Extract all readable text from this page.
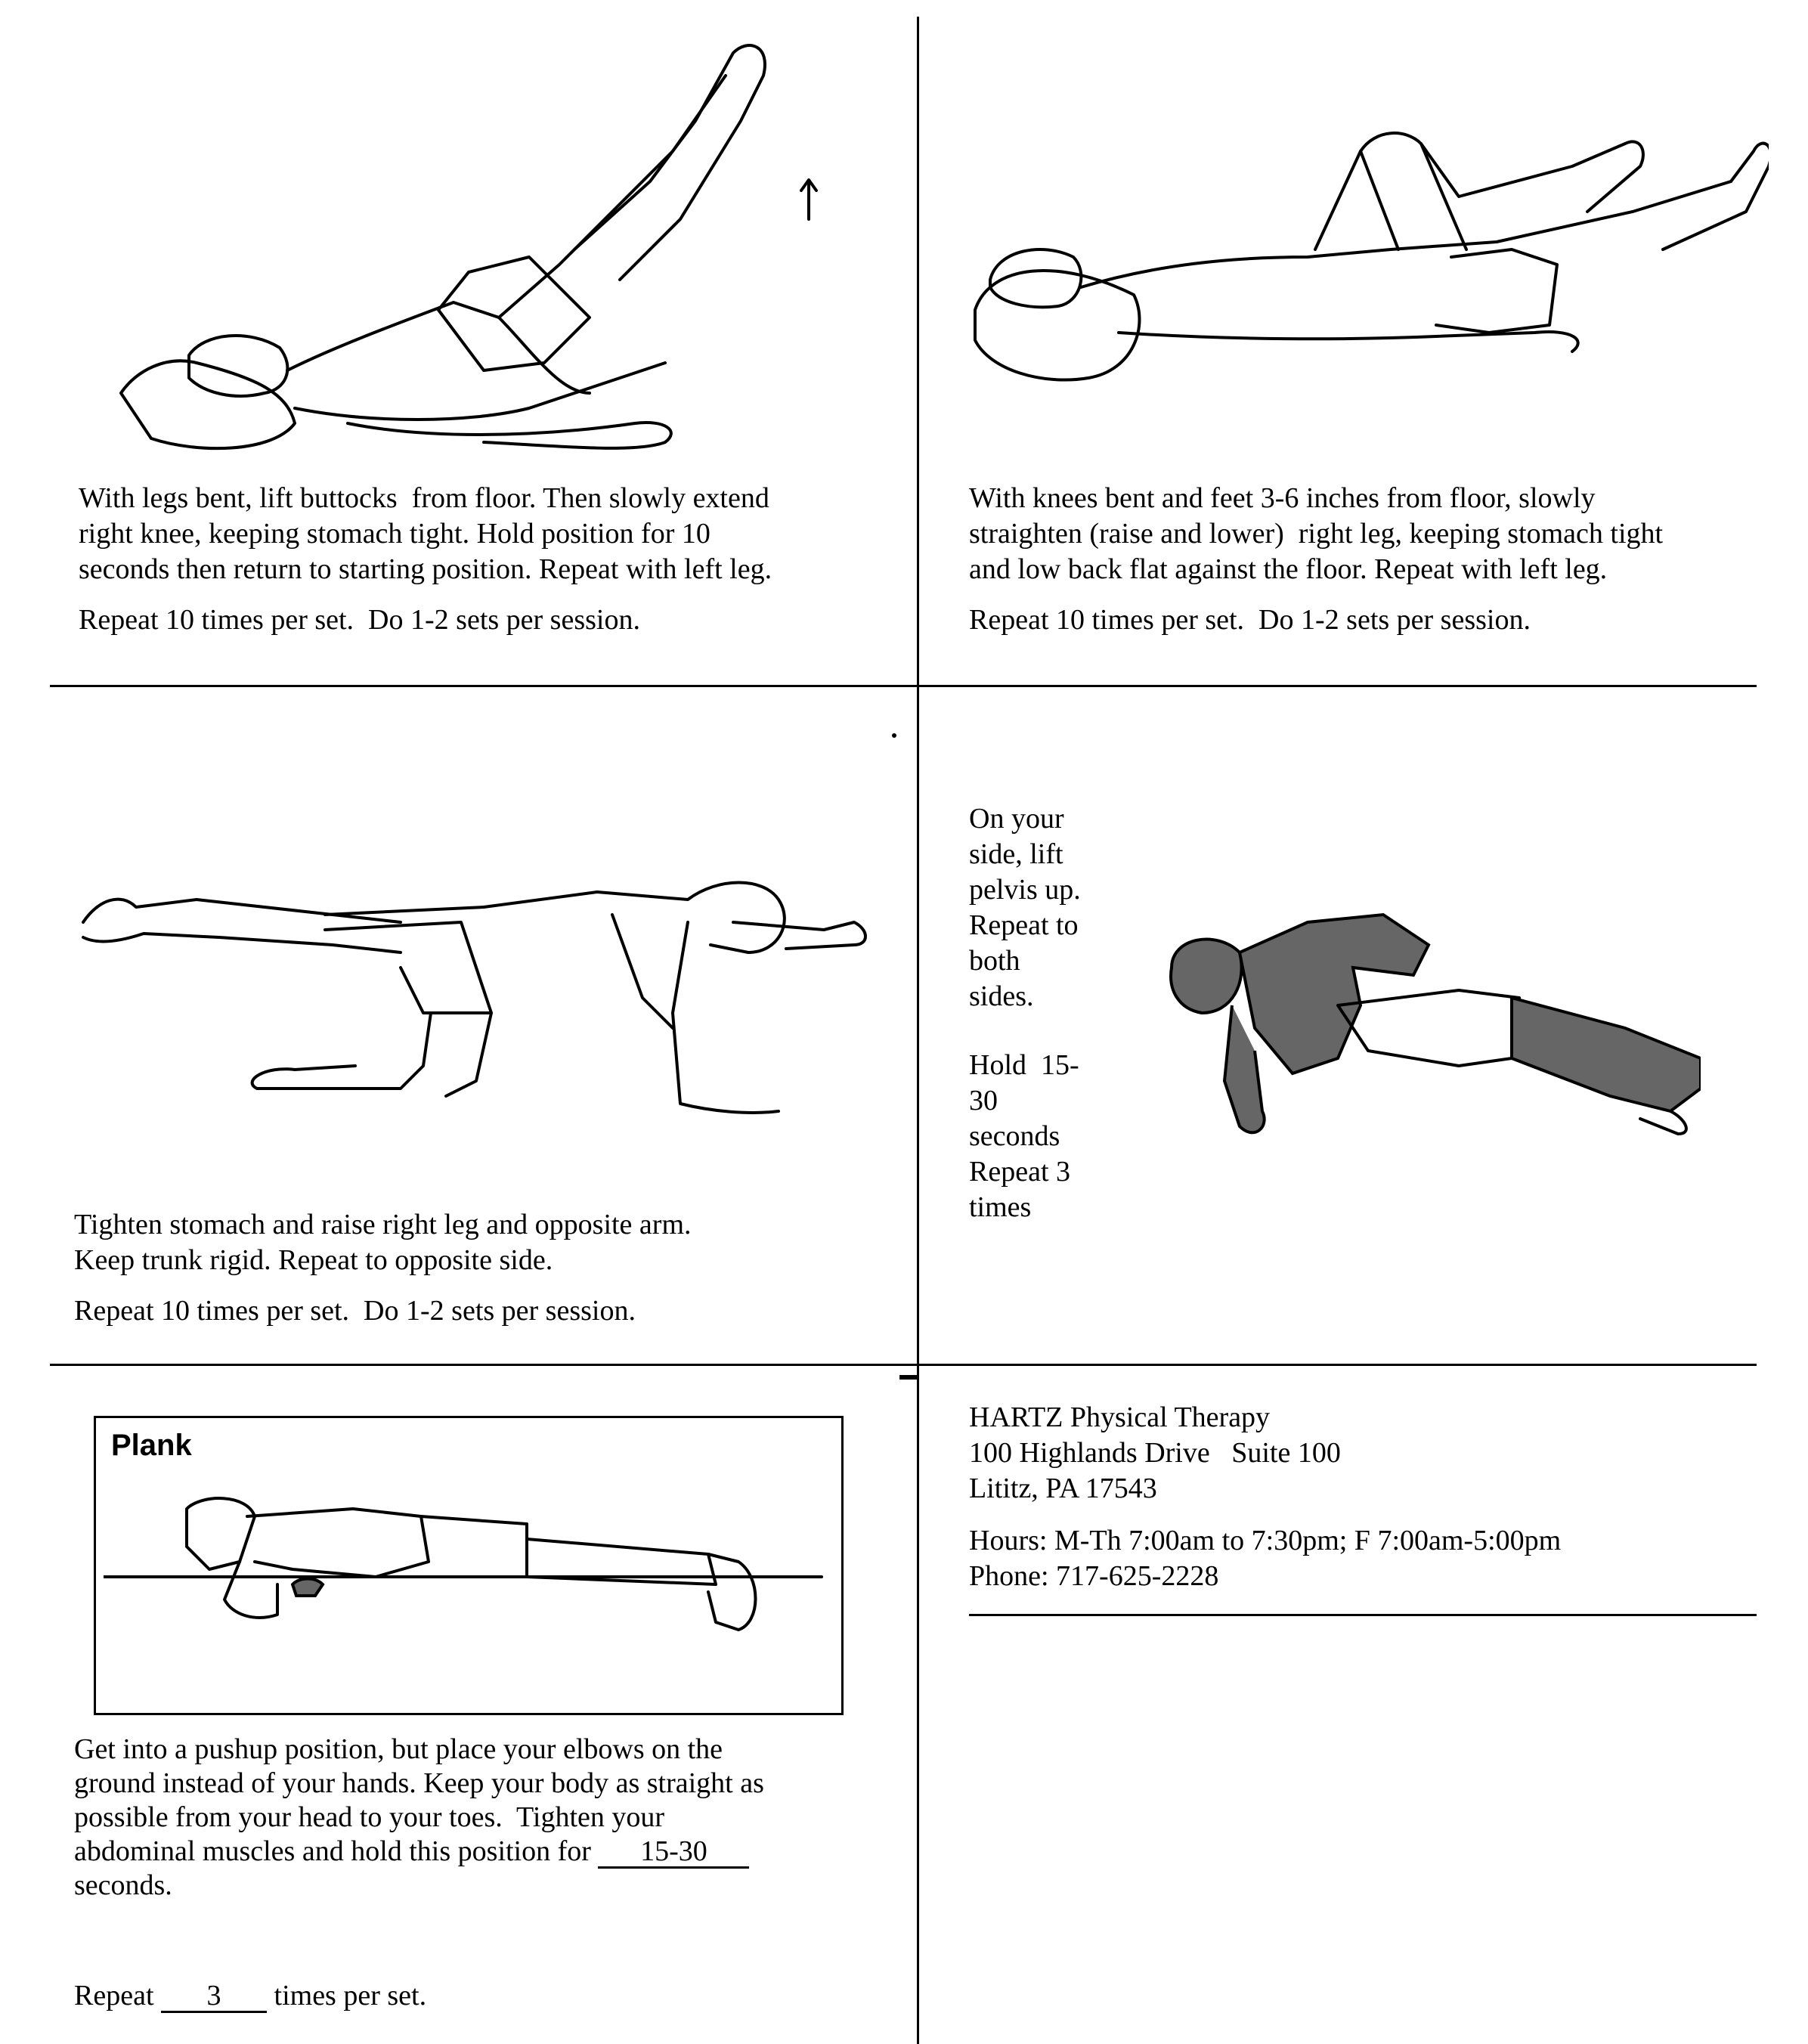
With legs bent, lift buttocks  from floor. Then slowly extend
right knee, keeping stomach tight. Hold position for 10
seconds then return to starting position. Repeat with left leg.
Repeat 10 times per set.  Do 1-2 sets per session.
With knees bent and feet 3-6 inches from floor, slowly
straighten (raise and lower)  right leg, keeping stomach tight
and low back flat against the floor. Repeat with left leg.
Repeat 10 times per set.  Do 1-2 sets per session.
Tighten stomach and raise right leg and opposite arm.
Keep trunk rigid. Repeat to opposite side.
Repeat 10 times per set.  Do 1-2 sets per session.
On your
side, lift
pelvis up.
Repeat to
both
sides.
Hold  15-
30
seconds
Repeat 3
times
Plank
Get into a pushup position, but place your elbows on the
ground instead of your hands. Keep your body as straight as
possible from your head to your toes.  Tighten your
abdominal muscles and hold this position for 15-30
seconds.
Repeat 3 times per set.
HARTZ Physical Therapy
100 Highlands Drive   Suite 100
Lititz, PA 17543
Hours: M-Th 7:00am to 7:30pm; F 7:00am-5:00pm
Phone: 717-625-2228
